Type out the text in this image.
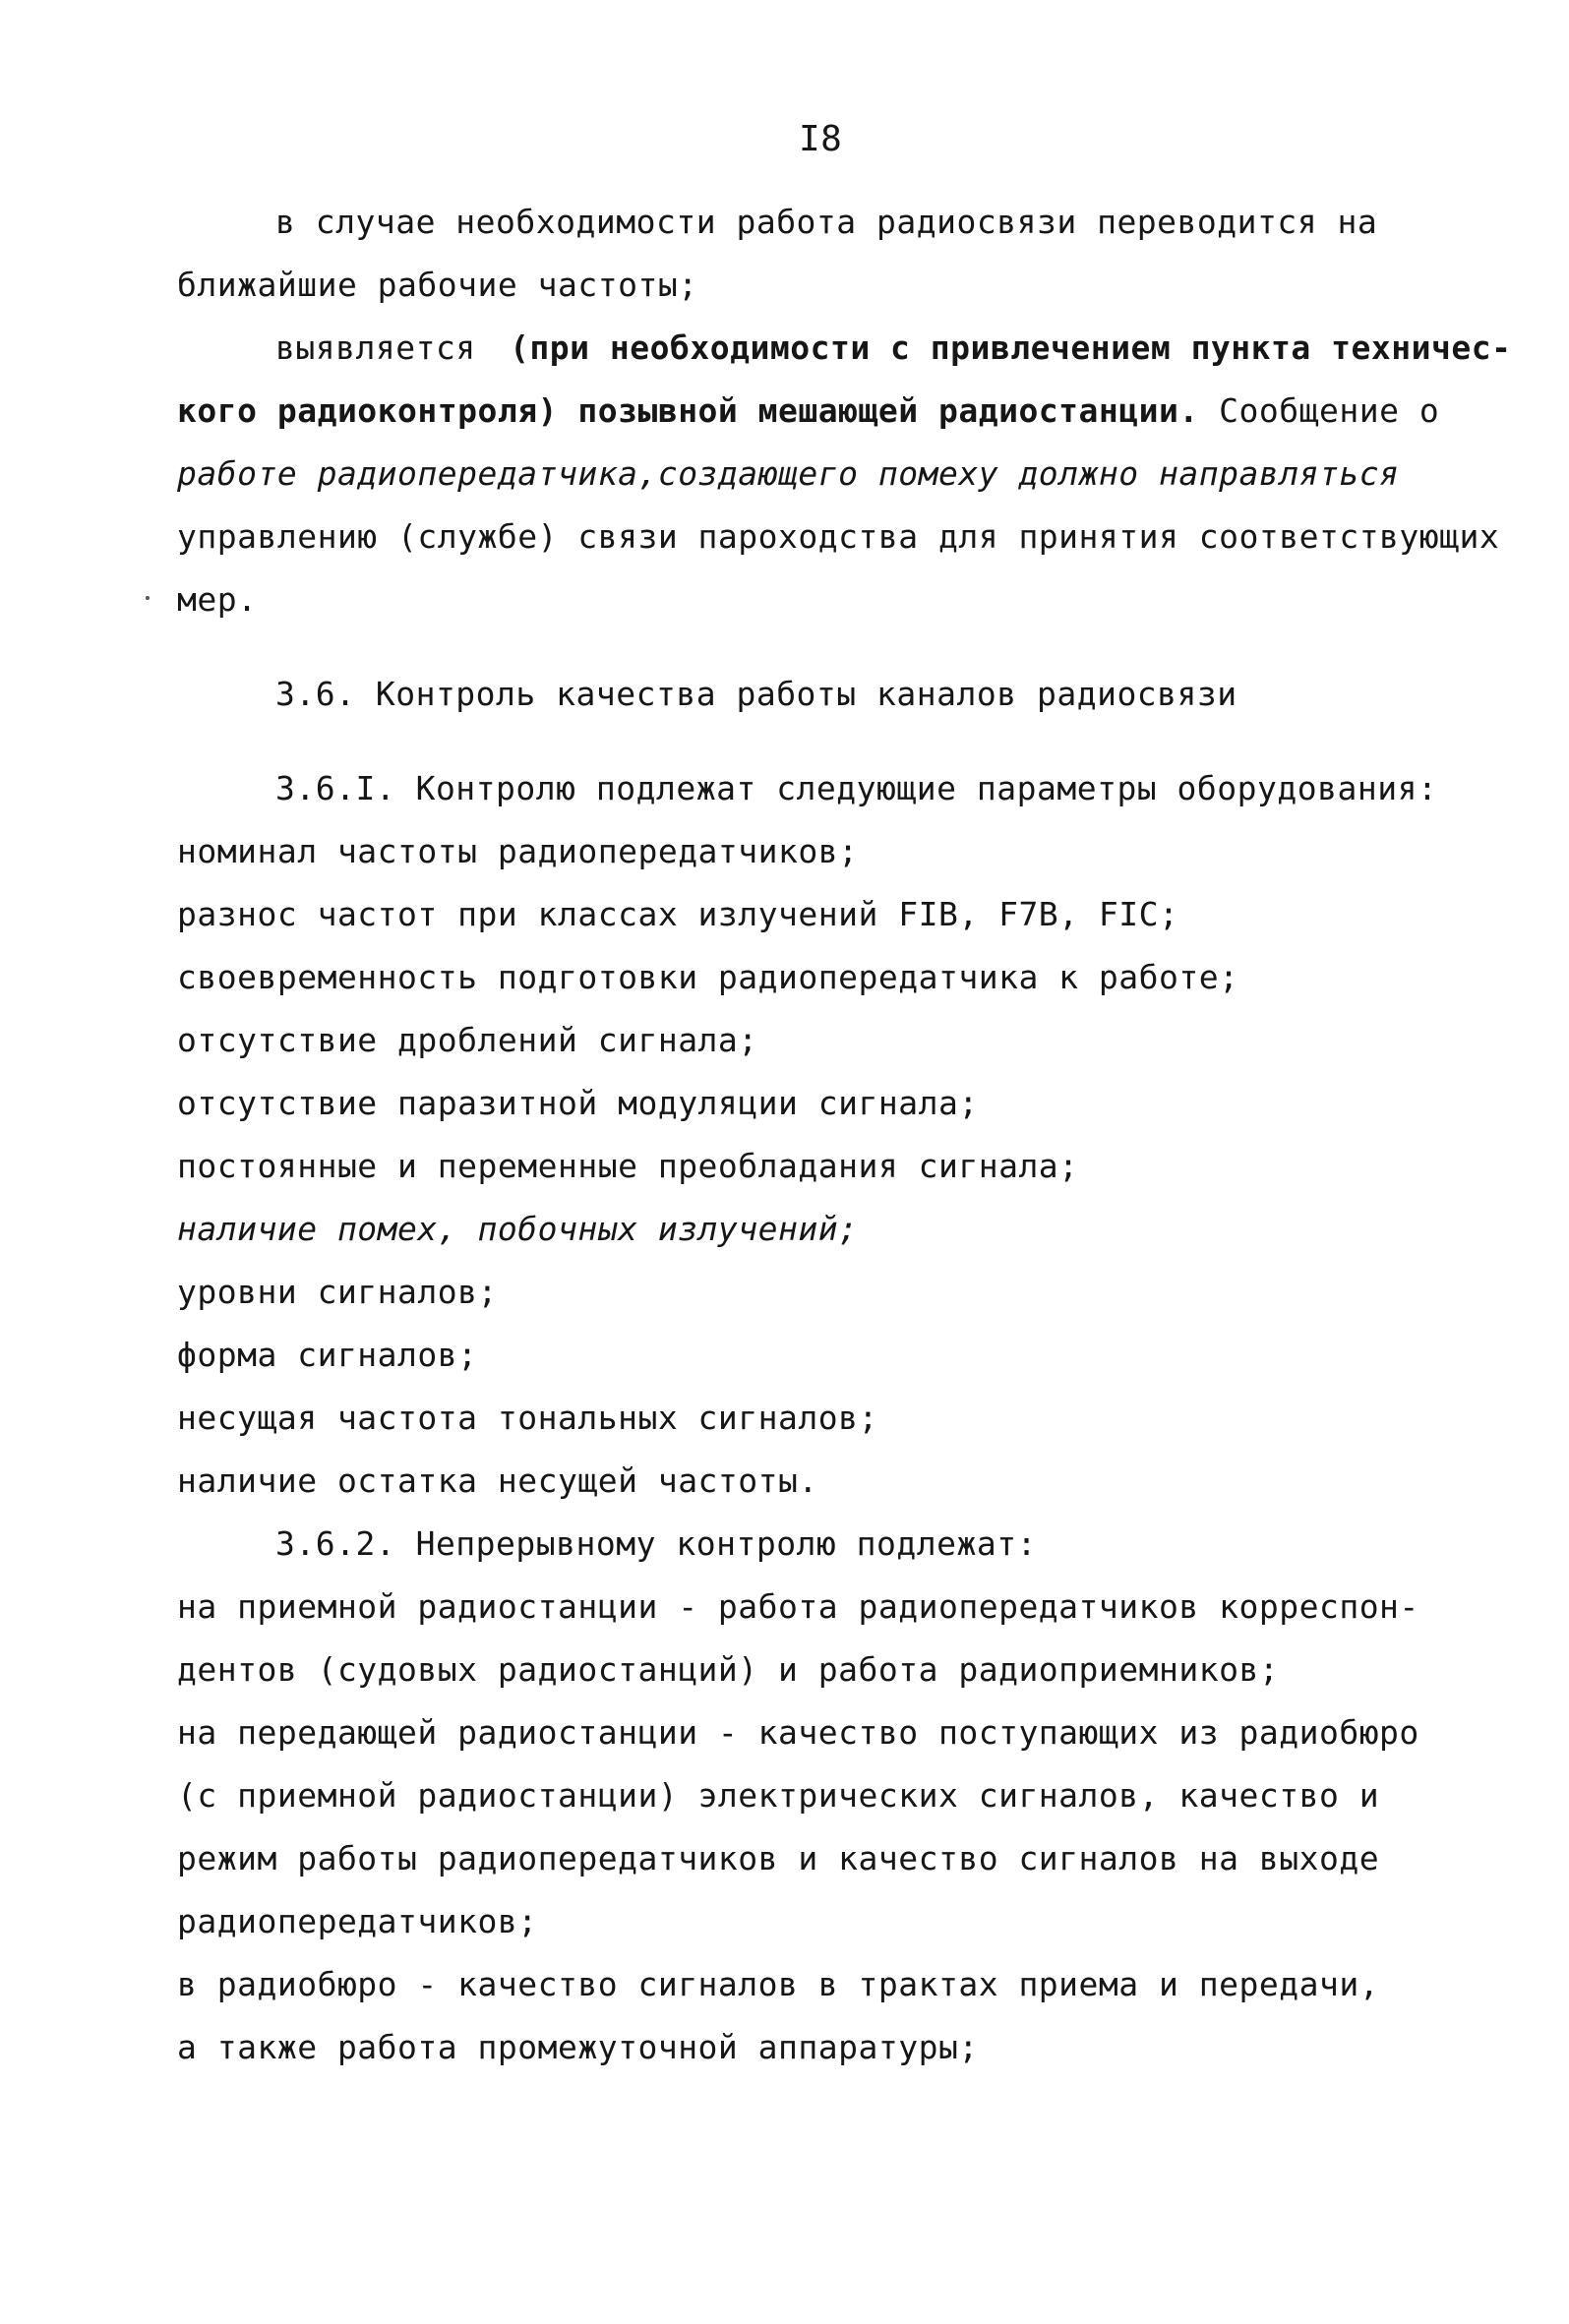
I8
в случае необходимости работа радиосвязи переводится на
ближайшие рабочие частоты;
выявляется (при необходимости с привлечением пункта техничес-
кого радиоконтроля) позывной мешающей радиостанции. Сообщение о
работе радиопередатчика,создающего помеху должно направляться
управлению (службе) связи пароходства для принятия соответствующих
мер.
3.6. Контроль качества работы каналов радиосвязи
3.6.I. Контролю подлежат следующие параметры оборудования:
номинал частоты радиопередатчиков;
разнос частот при классах излучений FIB, F7B, FIC;
своевременность подготовки радиопередатчика к работе;
отсутствие дроблений сигнала;
отсутствие паразитной модуляции сигнала;
постоянные и переменные преобладания сигнала;
наличие помех, побочных излучений;
уровни сигналов;
форма сигналов;
несущая частота тональных сигналов;
наличие остатка несущей частоты.
3.6.2. Непрерывному контролю подлежат:
на приемной радиостанции - работа радиопередатчиков корреспон-
дентов (судовых радиостанций) и работа радиоприемников;
на передающей радиостанции - качество поступающих из радиобюро
(с приемной радиостанции) электрических сигналов, качество и
режим работы радиопередатчиков и качество сигналов на выходе
радиопередатчиков;
в радиобюро - качество сигналов в трактах приема и передачи,
а также работа промежуточной аппаратуры;
